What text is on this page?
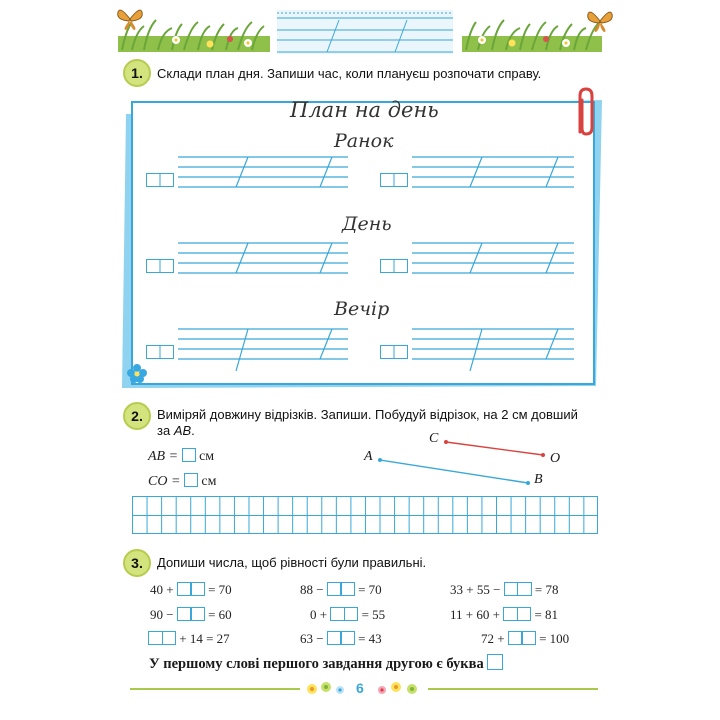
1.	Склади план дня. Запиши час, коли плануєш розпочати справу.
План на день
Ранок
День
Вечір
2.	Виміряй довжину відрізків. Запиши. Побудуй відрізок, на 2 см довший
за АВ.
АВ = см
СО = см
А
С
О
В
3.	Допиши числа, щоб рівності були правильні.
40 +  = 70	88 −  = 70	33 + 55 −  = 78
90 −  = 60	0 +  = 55	11 + 60 +  = 81
+ 14 = 27	63 −  = 43	72 +  = 100
У першому слові першого завдання другою є буква
6
